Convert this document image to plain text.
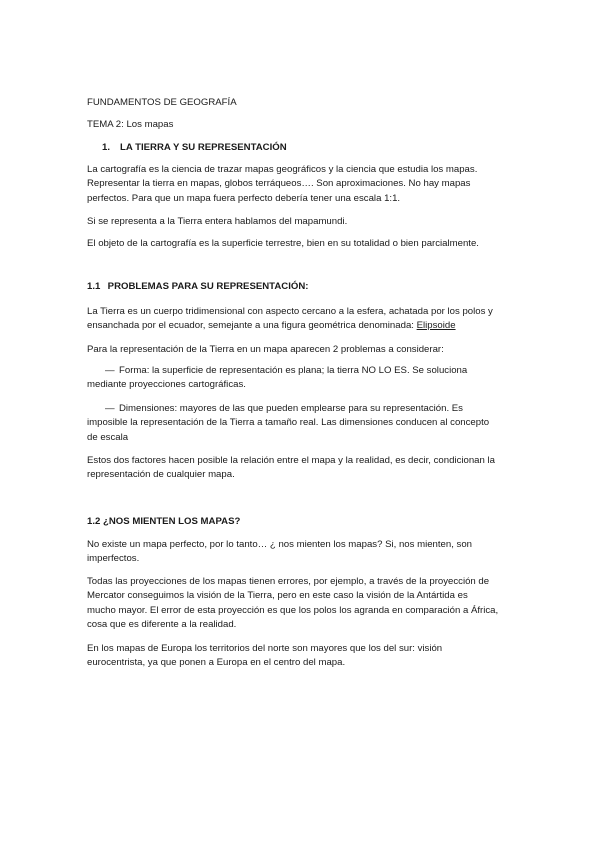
FUNDAMENTOS DE GEOGRAFÍA

TEMA 2: Los mapas

1. LA TIERRA Y SU REPRESENTACIÓN

La cartografía es la ciencia de trazar mapas geográficos y la ciencia que estudia los mapas.
Representar la tierra en mapas, globos terráqueos…. Son aproximaciones. No hay mapas
perfectos. Para que un mapa fuera perfecto debería tener una escala 1:1.
Si se representa a la Tierra entera hablamos del mapamundi.
El objeto de la cartografía es la superficie terrestre, bien en su totalidad o bien parcialmente.

1.1 PROBLEMAS PARA SU REPRESENTACIÓN:

La Tierra es un cuerpo tridimensional con aspecto cercano a la esfera, achatada por los polos y
ensanchada por el ecuador, semejante a una figura geométrica denominada: Elipsoide
Para la representación de la Tierra en un mapa aparecen 2 problemas a considerar:
— Forma: la superficie de representación es plana; la tierra NO LO ES. Se soluciona
mediante proyecciones cartográficas.
— Dimensiones: mayores de las que pueden emplearse para su representación. Es
imposible la representación de la Tierra a tamaño real. Las dimensiones conducen al concepto
de escala
Estos dos factores hacen posible la relación entre el mapa y la realidad, es decir, condicionan la
representación de cualquier mapa.

1.2 ¿NOS MIENTEN LOS MAPAS?

No existe un mapa perfecto, por lo tanto… ¿ nos mienten los mapas? Si, nos mienten, son
imperfectos.
Todas las proyecciones de los mapas tienen errores, por ejemplo, a través de la proyección de
Mercator conseguimos la visión de la Tierra, pero en este caso la visión de la Antártida es
mucho mayor. El error de esta proyección es que los polos los agranda en comparación a África,
cosa que es diferente a la realidad.
En los mapas de Europa los territorios del norte son mayores que los del sur: visión
eurocentrista, ya que ponen a Europa en el centro del mapa.
